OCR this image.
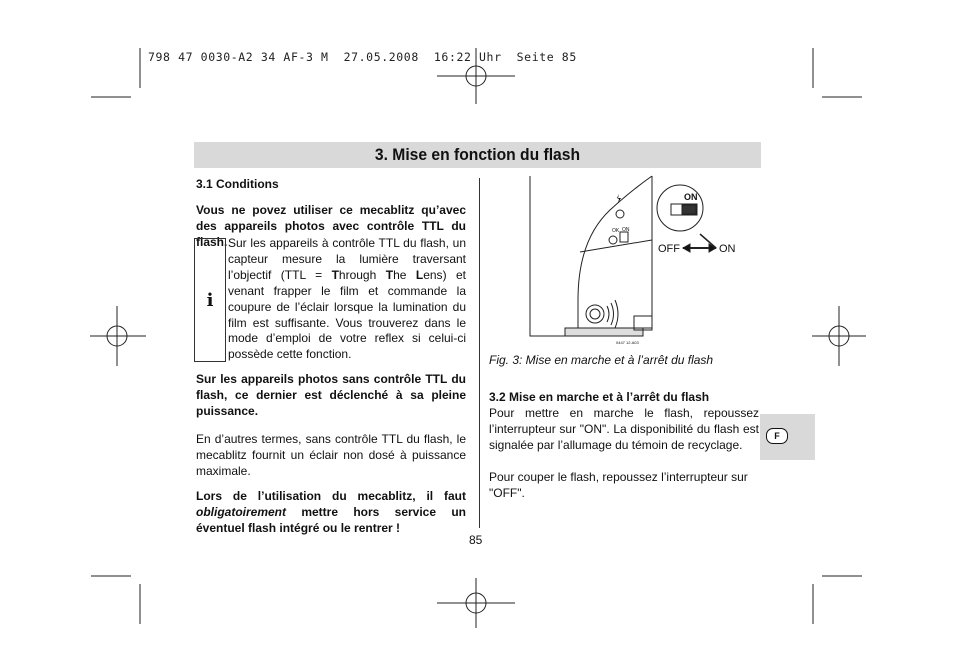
798 47 0030-A2 34 AF-3 M  27.05.2008  16:22 Uhr  Seite 85
3. Mise en fonction du flash

3.1 Conditions

Vous ne povez utiliser ce mecablitz qu’avec des appareils photos avec contrôle TTL du flash.

i

Sur les appareils à contrôle TTL du flash, un capteur mesure la lumière traversant l’objectif (TTL = Through The Lens) et venant frapper le film et commande la coupure de l’éclair lorsque la lumination du film est suffisante. Vous trouverez dans le mode d’emploi de votre reflex si celui-ci possède cette fonction.

Sur les appareils photos sans contrôle TTL du flash, ce dernier est déclenché à sa pleine puissance.

En d’autres termes, sans contrôle TTL du flash, le mecablitz fournit un éclair non dosé à puissance maximale.

Lors de l’utilisation du mecablitz, il faut obligatoirement mettre hors service un éventuel flash intégré ou le rentrer !

ON
OK ON
OFF	ON
0447 12.A03
Fig. 3: Mise en marche et à l’arrêt du flash

3.2 Mise en marche et à l’arrêt du flash

Pour mettre en marche le flash, repoussez l’interrupteur sur "ON". La disponibilité du flash est signalée par l’allumage du témoin de recyclage.

Pour couper le flash, repoussez l’interrupteur sur "OFF".

85
F
